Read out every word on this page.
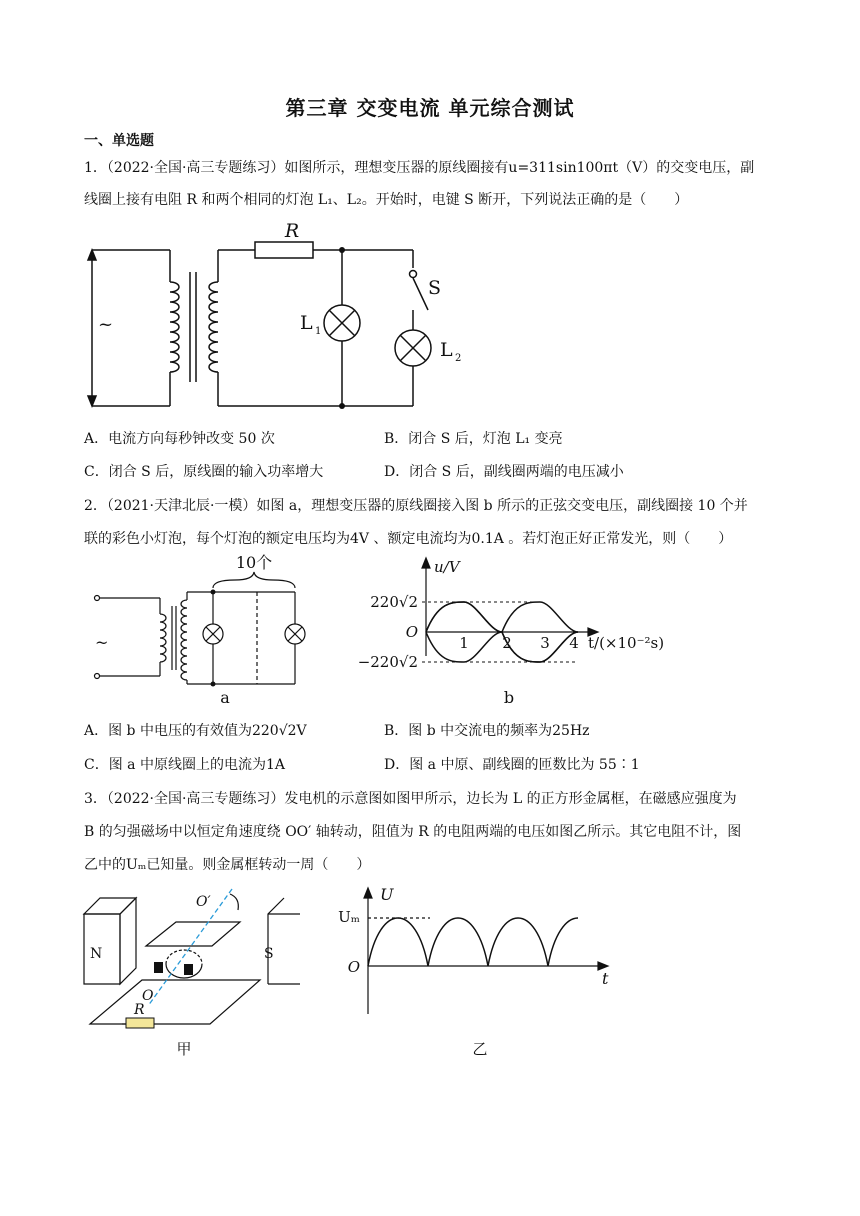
第三章 交变电流 单元综合测试
一、单选题
1．（2022·全国·高三专题练习）如图所示，理想变压器的原线圈接有u=311sin100πt（V）的交变电压，副
线圈上接有电阻 R 和两个相同的灯泡 L₁、L₂。开始时，电键 S 断开，下列说法正确的是（　　）
R
~
S
L 1
L 2
A．电流方向每秒钟改变 50 次	B．闭合 S 后，灯泡 L₁ 变亮
C．闭合 S 后，原线圈的输入功率增大	D．闭合 S 后，副线圈两端的电压减小
2．（2021·天津北辰·一模）如图 a，理想变压器的原线圈接入图 b 所示的正弦交变电压，副线圈接 10 个并
联的彩色小灯泡，每个灯泡的额定电压均为4V 、额定电流均为0.1A 。若灯泡正好正常发光，则（　　）
10个
~
a
u/V
220√2
−220√2
O
1 2 3 4 t/(×10⁻²s)
b
A．图 b 中电压的有效值为220√2V	B．图 b 中交流电的频率为25Hz
C．图 a 中原线圈上的电流为1A	D．图 a 中原、副线圈的匝数比为 55∶1
3．（2022·全国·高三专题练习）发电机的示意图如图甲所示，边长为 L 的正方形金属框，在磁感应强度为
B 的匀强磁场中以恒定角速度绕 OO′ 轴转动，阻值为 R 的电阻两端的电压如图乙所示。其它电阻不计，图
乙中的Uₘ已知量。则金属框转动一周（　　）
N	S
O
O′
R
甲
U
Uₘ
O
t
乙
